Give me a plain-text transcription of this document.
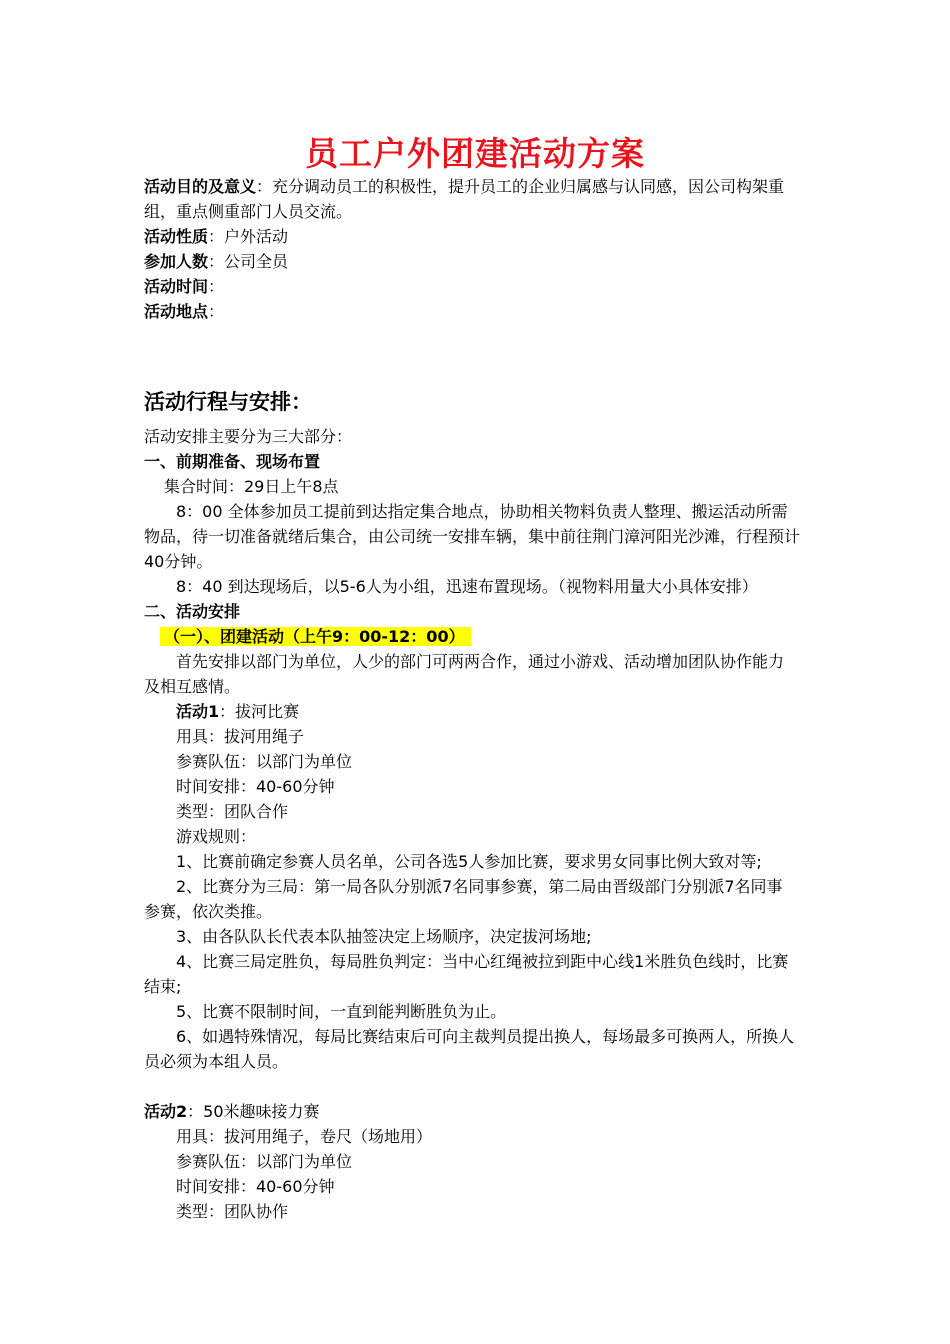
员工户外团建活动方案
活动目的及意义：充分调动员工的积极性，提升员工的企业归属感与认同感，因公司构架重
组，重点侧重部门人员交流。
活动性质：户外活动
参加人数：公司全员
活动时间：
活动地点：
活动行程与安排：
活动安排主要分为三大部分：
一、前期准备、现场布置
集合时间：29日上午8点
8：00 全体参加员工提前到达指定集合地点，协助相关物料负责人整理、搬运活动所需
物品，待一切准备就绪后集合，由公司统一安排车辆，集中前往荆门漳河阳光沙滩，行程预计
40分钟。
8：40 到达现场后，以5-6人为小组，迅速布置现场。（视物料用量大小具体安排）
二、活动安排
（一）、团建活动（上午9：00-12：00）
首先安排以部门为单位，人少的部门可两两合作，通过小游戏、活动增加团队协作能力
及相互感情。
活动1：拔河比赛
用具：拔河用绳子
参赛队伍：以部门为单位
时间安排：40-60分钟
类型：团队合作
游戏规则：
1、比赛前确定参赛人员名单，公司各选5人参加比赛，要求男女同事比例大致对等;
2、比赛分为三局：第一局各队分别派7名同事参赛，第二局由晋级部门分别派7名同事
参赛，依次类推。
3、由各队队长代表本队抽签决定上场顺序，决定拔河场地;
4、比赛三局定胜负，每局胜负判定：当中心红绳被拉到距中心线1米胜负色线时，比赛
结束;
5、比赛不限制时间，一直到能判断胜负为止。
6、如遇特殊情况，每局比赛结束后可向主裁判员提出换人，每场最多可换两人，所换人
员必须为本组人员。
活动2：50米趣味接力赛
用具：拔河用绳子，卷尺（场地用）
参赛队伍：以部门为单位
时间安排：40-60分钟
类型：团队协作
